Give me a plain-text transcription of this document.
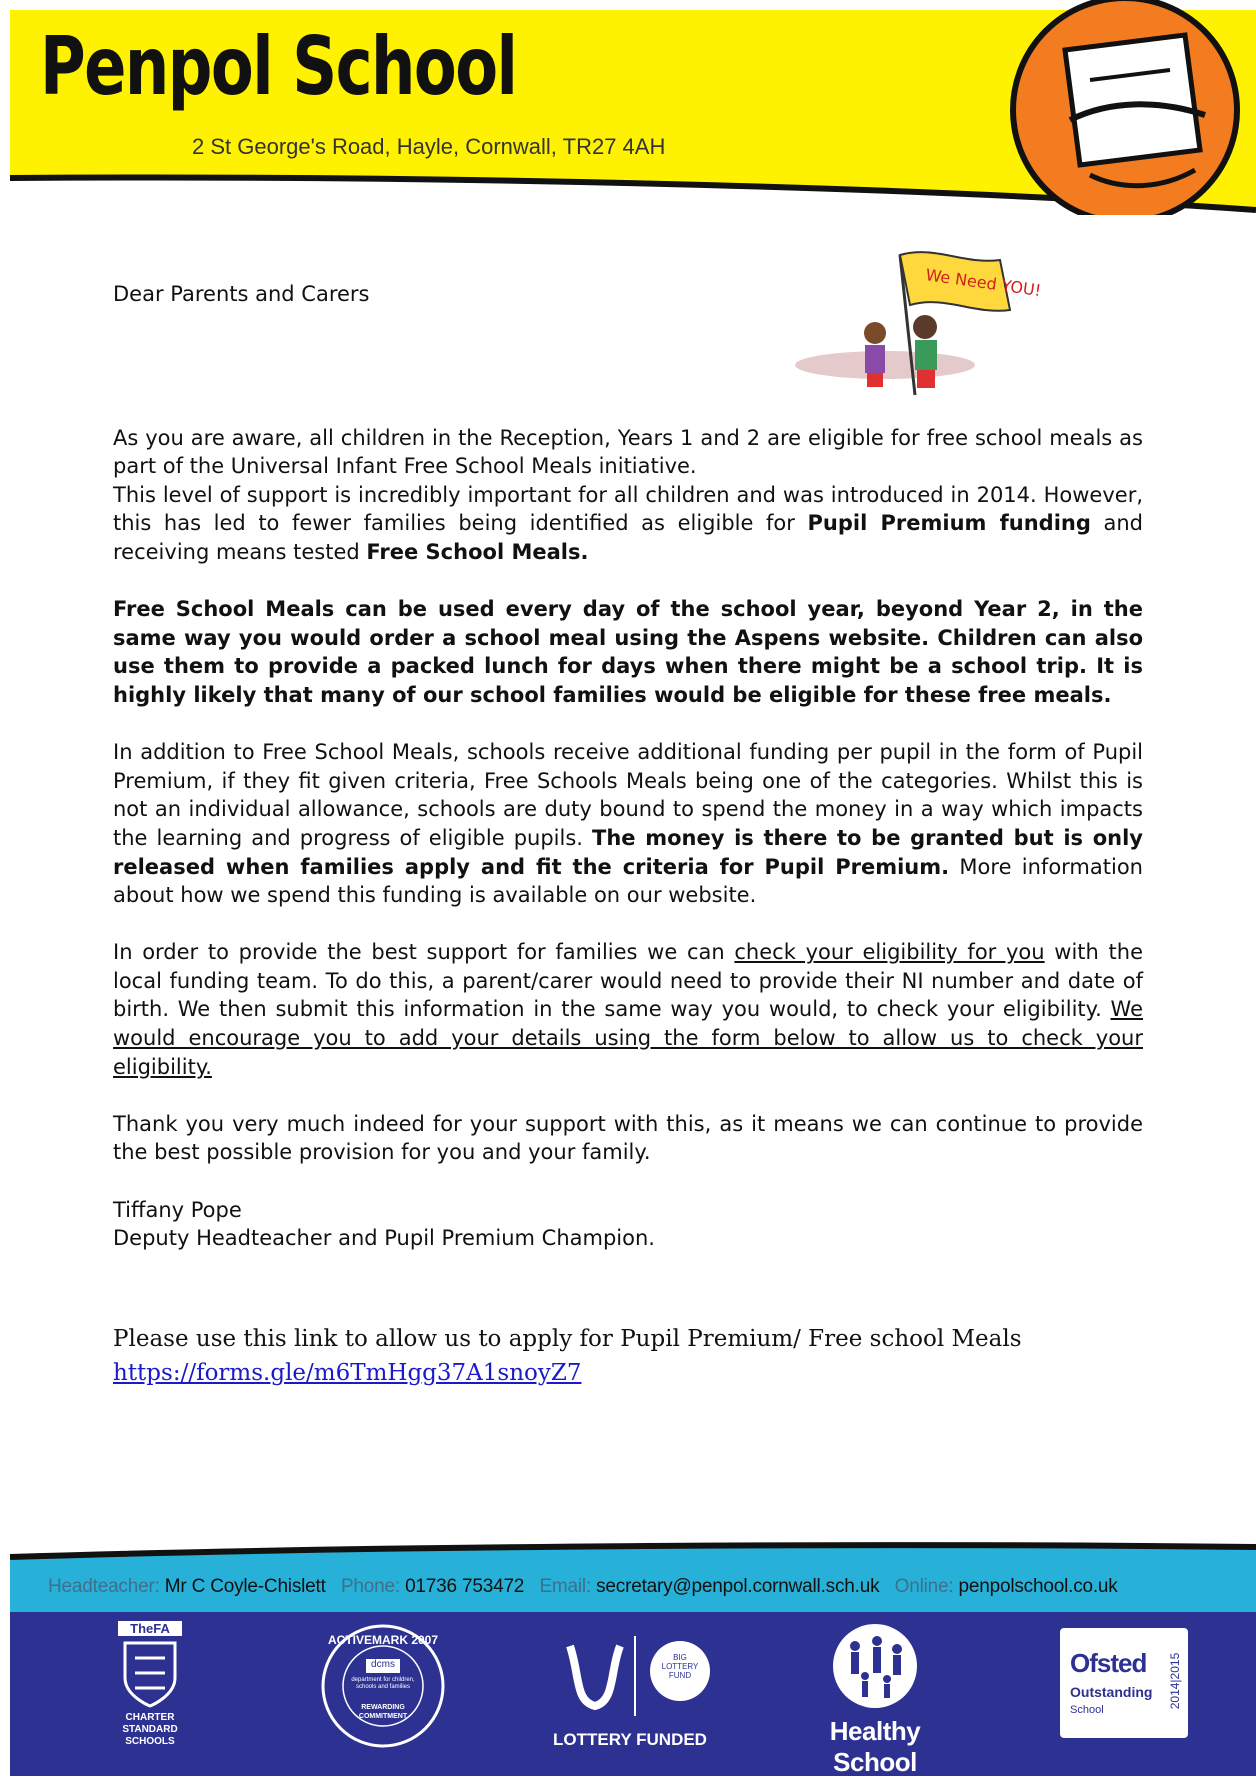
Penpol School
2 St George's Road, Hayle, Cornwall, TR27 4AH
We Need YOU!

Dear Parents and Carers

As you are aware, all children in the Reception, Years 1 and 2 are eligible for free school meals as part of the Universal Infant Free School Meals initiative.

This level of support is incredibly important for all children and was introduced in 2014. However, this has led to fewer families being identified as eligible for Pupil Premium funding and receiving means tested Free School Meals.

Free School Meals can be used every day of the school year, beyond Year 2, in the same way you would order a school meal using the Aspens website. Children can also use them to provide a packed lunch for days when there might be a school trip. It is highly likely that many of our school families would be eligible for these free meals.

In addition to Free School Meals, schools receive additional funding per pupil in the form of Pupil Premium, if they fit given criteria, Free Schools Meals being one of the categories. Whilst this is not an individual allowance, schools are duty bound to spend the money in a way which impacts the learning and progress of eligible pupils. The money is there to be granted but is only released when families apply and fit the criteria for Pupil Premium. More information about how we spend this funding is available on our website.

In order to provide the best support for families we can check your eligibility for you with the local funding team. To do this, a parent/carer would need to provide their NI number and date of birth. We then submit this information in the same way you would, to check your eligibility. We would encourage you to add your details using the form below to allow us to check your eligibility.

Thank you very much indeed for your support with this, as it means we can continue to provide the best possible provision for you and your family.

Tiffany Pope

Deputy Headteacher and Pupil Premium Champion.

Please use this link to allow us to apply for Pupil Premium/ Free school Meals
https://forms.gle/m6TmHgg37A1snoyZ7
Headteacher: Mr C Coyle-Chislett Phone: 01736 753472 Email: secretary@penpol.cornwall.sch.uk Online: penpolschool.co.uk
TheFA
CHARTER STANDARD SCHOOLS
ACTIVEMARK 2007
dcms
department for children, schools and families
REWARDING COMMITMENT
BIG LOTTERY FUND
LOTTERY FUNDED	Healthy School
Ofsted
Outstanding
School
2014|2015
